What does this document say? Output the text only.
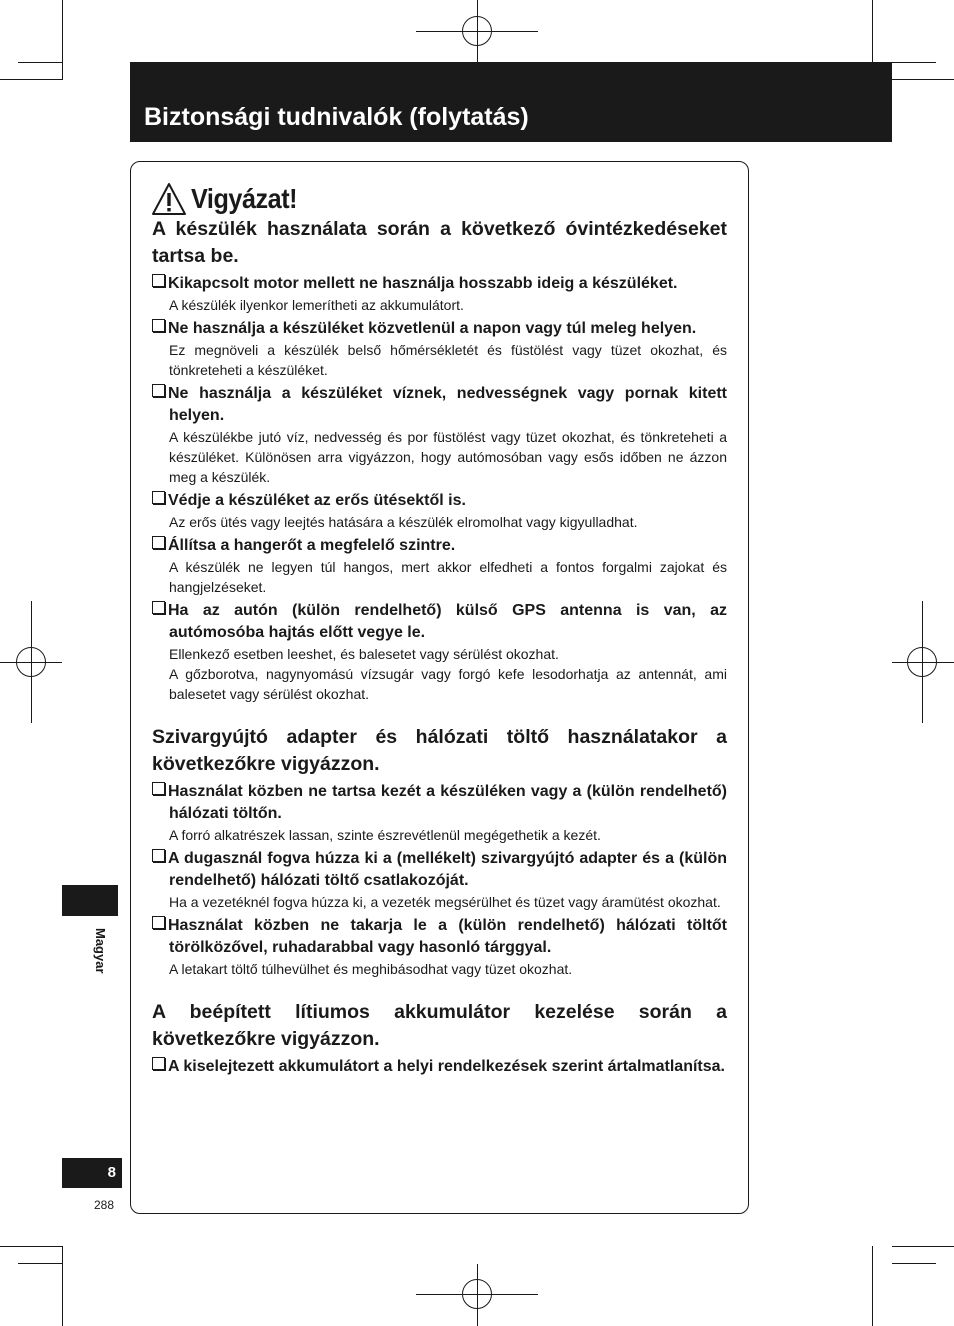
Biztonsági tudnivalók (folytatás)
Vigyázat!

A készülék használata során a következő óvintézkedéseket tartsa be.

Kikapcsolt motor mellett ne használja hosszabb ideig a készüléket.
A készülék ilyenkor lemerítheti az akkumulátort.
Ne használja a készüléket közvetlenül a napon vagy túl meleg helyen.
Ez megnöveli a készülék belső hőmérsékletét és füstölést vagy tüzet okozhat, és tönkreteheti a készüléket.
Ne használja a készüléket víznek, nedvességnek vagy pornak kitett helyen.
A készülékbe jutó víz, nedvesség és por füstölést vagy tüzet okozhat, és tönkreteheti a készüléket. Különösen arra vigyázzon, hogy autómosóban vagy esős időben ne ázzon meg a készülék.
Védje a készüléket az erős ütésektől is.
Az erős ütés vagy leejtés hatására a készülék elromolhat vagy kigyulladhat.
Állítsa a hangerőt a megfelelő szintre.
A készülék ne legyen túl hangos, mert akkor elfedheti a fontos forgalmi zajokat és hangjelzéseket.
Ha az autón (külön rendelhető) külső GPS antenna is van, az autómosóba hajtás előtt vegye le.
Ellenkező esetben leeshet, és balesetet vagy sérülést okozhat.
A gőzborotva, nagynyomású vízsugár vagy forgó kefe lesodorhatja az antennát, ami balesetet vagy sérülést okozhat.

Szivargyújtó adapter és hálózati töltő használatakor a következőkre vigyázzon.

Használat közben ne tartsa kezét a készüléken vagy a (külön rendelhető) hálózati töltőn.
A forró alkatrészek lassan, szinte észrevétlenül megégethetik a kezét.
A dugasznál fogva húzza ki a (mellékelt) szivargyújtó adapter és a (külön rendelhető) hálózati töltő csatlakozóját.
Ha a vezetéknél fogva húzza ki, a vezeték megsérülhet és tüzet vagy áramütést okozhat.
Használat közben ne takarja le a (külön rendelhető) hálózati töltőt törölközővel, ruhadarabbal vagy hasonló tárggyal.
A letakart töltő túlhevülhet és meghibásodhat vagy tüzet okozhat.

A beépített lítiumos akkumulátor kezelése során a következőkre vigyázzon.

A kiselejtezett akkumulátort a helyi rendelkezések szerint ártalmatlanítsa.
Magyar
8
288
